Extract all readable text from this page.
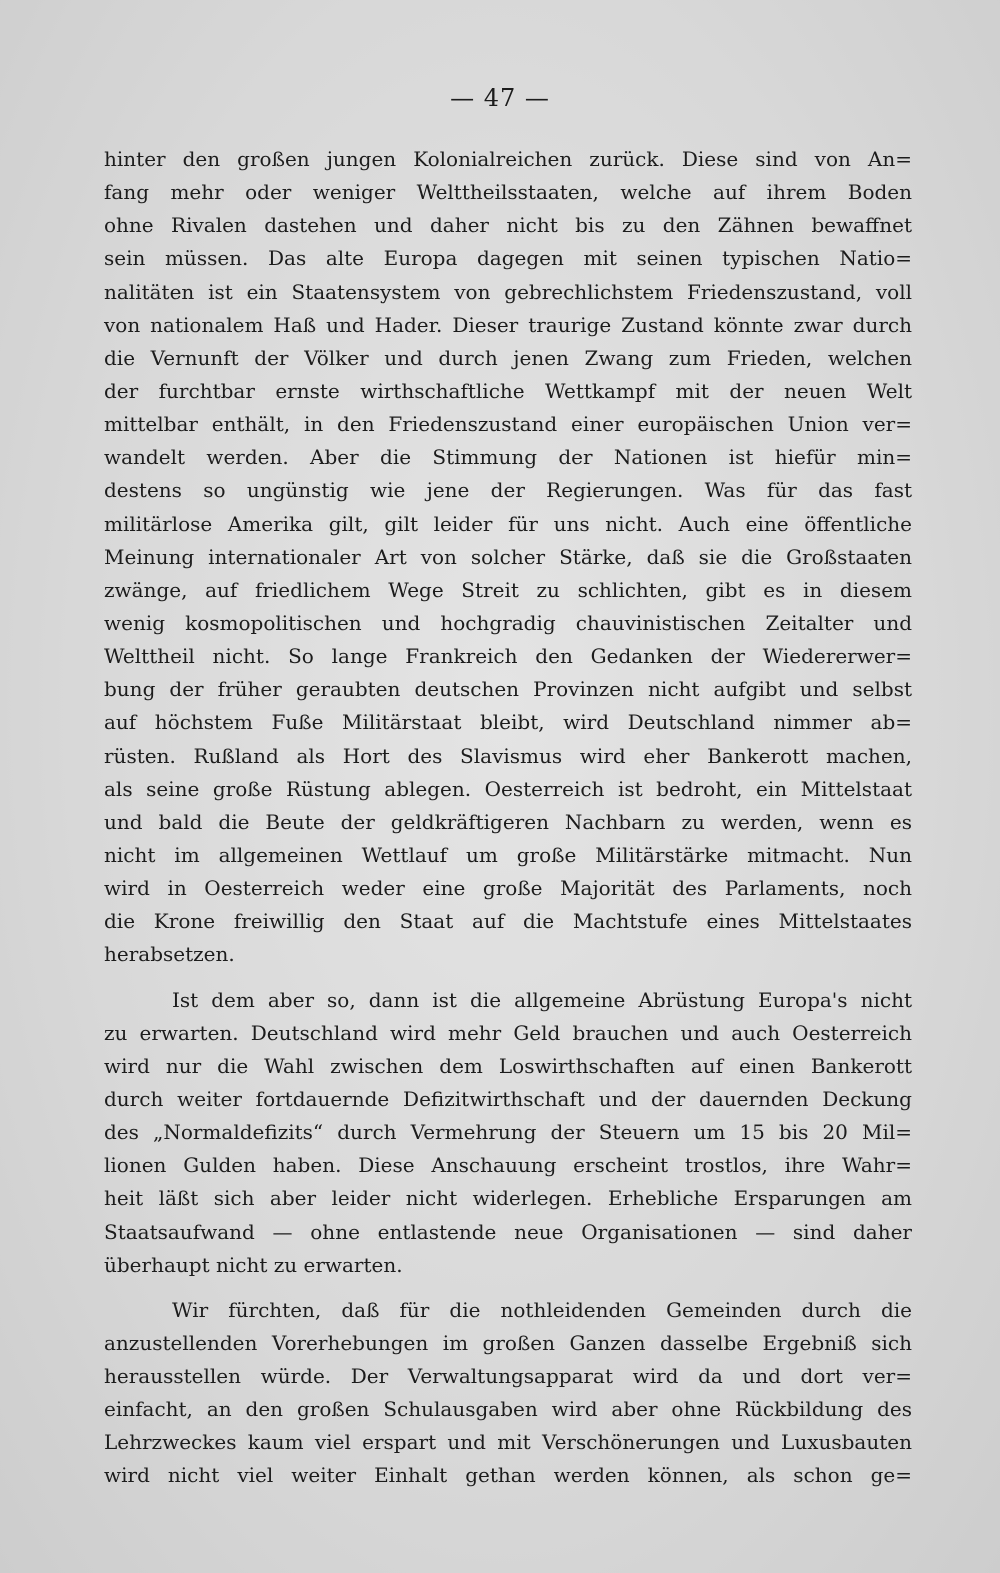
— 47 —
hinter den großen jungen Kolonialreichen zurück. Diese sind von An=
fang mehr oder weniger Welttheilsstaaten, welche auf ihrem Boden
ohne Rivalen dastehen und daher nicht bis zu den Zähnen bewaffnet
sein müssen. Das alte Europa dagegen mit seinen typischen Natio=
nalitäten ist ein Staatensystem von gebrechlichstem Friedenszustand, voll
von nationalem Haß und Hader. Dieser traurige Zustand könnte zwar durch
die Vernunft der Völker und durch jenen Zwang zum Frieden, welchen
der furchtbar ernste wirthschaftliche Wettkampf mit der neuen Welt
mittelbar enthält, in den Friedenszustand einer europäischen Union ver=
wandelt werden. Aber die Stimmung der Nationen ist hiefür min=
destens so ungünstig wie jene der Regierungen. Was für das fast
militärlose Amerika gilt, gilt leider für uns nicht. Auch eine öffentliche
Meinung internationaler Art von solcher Stärke, daß sie die Großstaaten
zwänge, auf friedlichem Wege Streit zu schlichten, gibt es in diesem
wenig kosmopolitischen und hochgradig chauvinistischen Zeitalter und
Welttheil nicht. So lange Frankreich den Gedanken der Wiedererwer=
bung der früher geraubten deutschen Provinzen nicht aufgibt und selbst
auf höchstem Fuße Militärstaat bleibt, wird Deutschland nimmer ab=
rüsten. Rußland als Hort des Slavismus wird eher Bankerott machen,
als seine große Rüstung ablegen. Oesterreich ist bedroht, ein Mittelstaat
und bald die Beute der geldkräftigeren Nachbarn zu werden, wenn es
nicht im allgemeinen Wettlauf um große Militärstärke mitmacht. Nun
wird in Oesterreich weder eine große Majorität des Parlaments, noch
die Krone freiwillig den Staat auf die Machtstufe eines Mittelstaates
herabsetzen.
Ist dem aber so, dann ist die allgemeine Abrüstung Europa's nicht
zu erwarten. Deutschland wird mehr Geld brauchen und auch Oesterreich
wird nur die Wahl zwischen dem Loswirthschaften auf einen Bankerott
durch weiter fortdauernde Defizitwirthschaft und der dauernden Deckung
des „Normaldefizits“ durch Vermehrung der Steuern um 15 bis 20 Mil=
lionen Gulden haben. Diese Anschauung erscheint trostlos, ihre Wahr=
heit läßt sich aber leider nicht widerlegen. Erhebliche Ersparungen am
Staatsaufwand — ohne entlastende neue Organisationen — sind daher
überhaupt nicht zu erwarten.
Wir fürchten, daß für die nothleidenden Gemeinden durch die
anzustellenden Vorerhebungen im großen Ganzen dasselbe Ergebniß sich
herausstellen würde. Der Verwaltungsapparat wird da und dort ver=
einfacht, an den großen Schulausgaben wird aber ohne Rückbildung des
Lehrzweckes kaum viel erspart und mit Verschönerungen und Luxusbauten
wird nicht viel weiter Einhalt gethan werden können, als schon ge=
